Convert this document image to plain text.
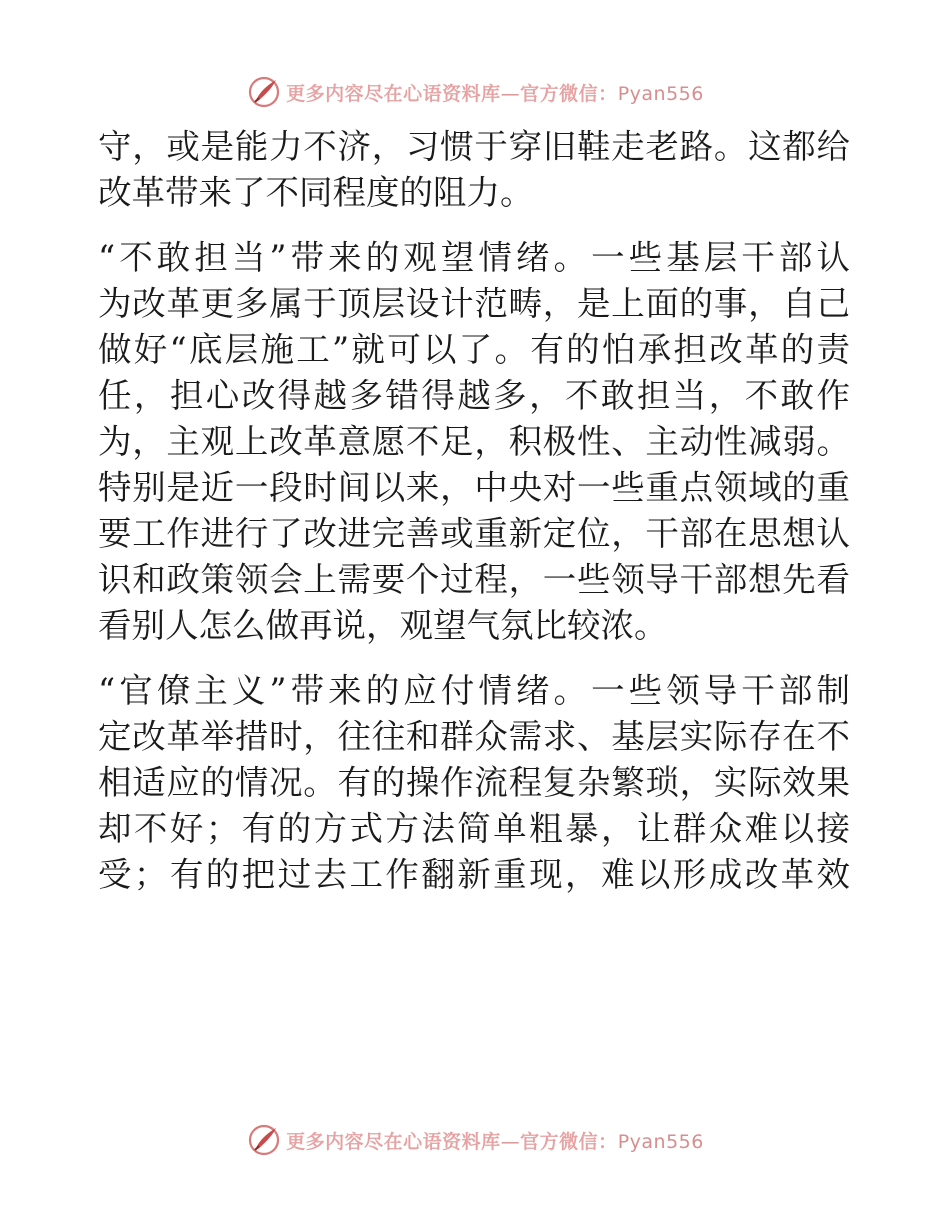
更多内容尽在心语资料库—官方微信：Pyan556
守，或是能力不济，习惯于穿旧鞋走老路。这都给
改革带来了不同程度的阻力。
“不敢担当”带来的观望情绪。一些基层干部认
为改革更多属于顶层设计范畴，是上面的事，自己
做好“底层施工”就可以了。有的怕承担改革的责
任，担心改得越多错得越多，不敢担当，不敢作
为，主观上改革意愿不足，积极性、主动性减弱。
特别是近一段时间以来，中央对一些重点领域的重
要工作进行了改进完善或重新定位，干部在思想认
识和政策领会上需要个过程，一些领导干部想先看
看别人怎么做再说，观望气氛比较浓。
“官僚主义”带来的应付情绪。一些领导干部制
定改革举措时，往往和群众需求、基层实际存在不
相适应的情况。有的操作流程复杂繁琐，实际效果
却不好；有的方式方法简单粗暴，让群众难以接
受；有的把过去工作翻新重现，难以形成改革效
更多内容尽在心语资料库—官方微信：Pyan556
